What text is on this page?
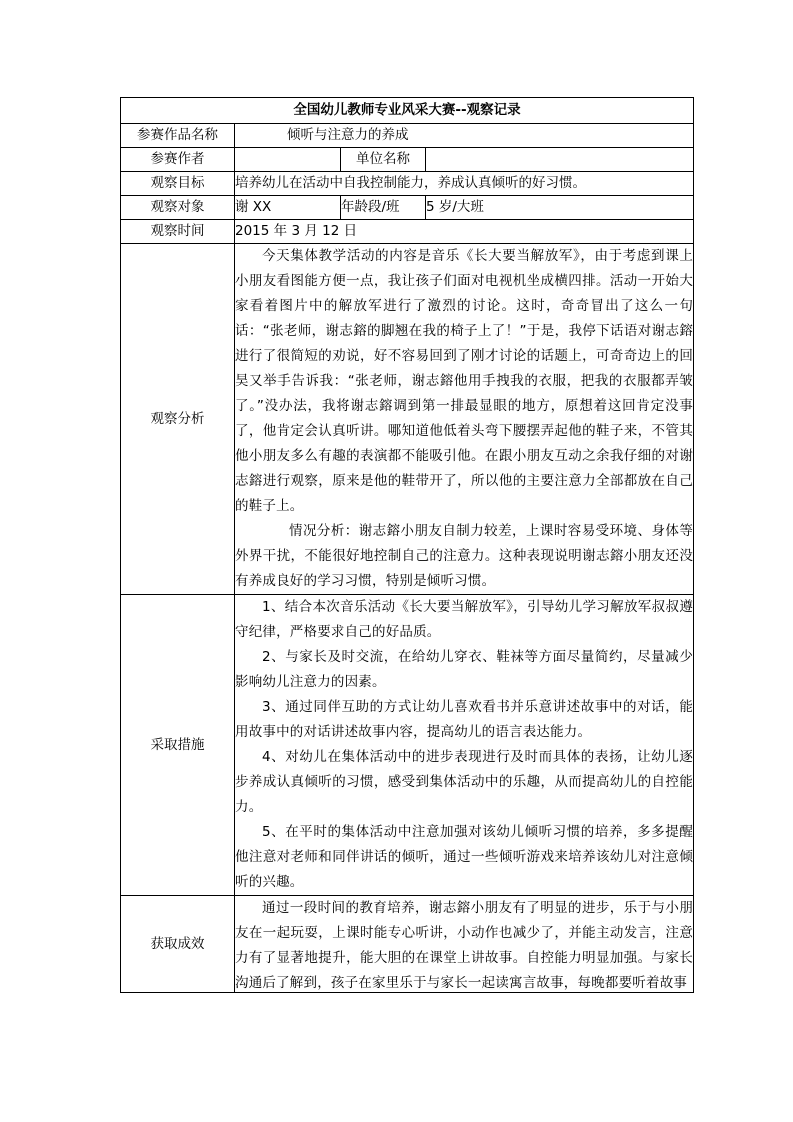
全国幼儿教师专业风采大赛--观察记录			
参赛作品名称	倾听与注意力的养成		
参赛作者		单位名称	
观察目标	培养幼儿在活动中自我控制能力，养成认真倾听的好习惯。		
观察对象	谢 XX	年龄段/班	5 岁/大班
观察时间	2015 年 3 月 12 日		
观察分析	今天集体教学活动的内容是音乐《长大要当解放军》，由于考虑到课上小朋友看图能方便一点，我让孩子们面对电视机坐成横四排。活动一开始大家看着图片中的解放军进行了激烈的讨论。这时，奇奇冒出了这么一句话：“张老师，谢志鎔的脚翘在我的椅子上了！”于是，我停下话语对谢志鎔进行了很简短的劝说，好不容易回到了刚才讨论的话题上，可奇奇边上的回昊又举手告诉我：“张老师，谢志鎔他用手拽我的衣服，把我的衣服都弄皱了。”没办法，我将谢志鎔调到第一排最显眼的地方，原想着这回肯定没事了，他肯定会认真听讲。哪知道他低着头弯下腰摆弄起他的鞋子来，不管其他小朋友多么有趣的表演都不能吸引他。在跟小朋友互动之余我仔细的对谢志鎔进行观察，原来是他的鞋带开了，所以他的主要注意力全部都放在自己的鞋子上。

情况分析：谢志鎔小朋友自制力较差，上课时容易受环境、身体等外界干扰，不能很好地控制自己的注意力。这种表现说明谢志鎔小朋友还没有养成良好的学习习惯，特别是倾听习惯。		

采取措施	1、结合本次音乐活动《长大要当解放军》，引导幼儿学习解放军叔叔遵守纪律，严格要求自己的好品质。

2、与家长及时交流，在给幼儿穿衣、鞋袜等方面尽量简约，尽量减少影响幼儿注意力的因素。

3、通过同伴互助的方式让幼儿喜欢看书并乐意讲述故事中的对话，能用故事中的对话讲述故事内容，提高幼儿的语言表达能力。

4、对幼儿在集体活动中的进步表现进行及时而具体的表扬，让幼儿逐步养成认真倾听的习惯，感受到集体活动中的乐趣，从而提高幼儿的自控能力。

5、在平时的集体活动中注意加强对该幼儿倾听习惯的培养，多多提醒他注意对老师和同伴讲话的倾听，通过一些倾听游戏来培养该幼儿对注意倾听的兴趣。		

获取成效	通过一段时间的教育培养，谢志鎔小朋友有了明显的进步，乐于与小朋友在一起玩耍，上课时能专心听讲，小动作也减少了，并能主动发言，注意力有了显著地提升，能大胆的在课堂上讲故事。自控能力明显加强。与家长沟通后了解到，孩子在家里乐于与家长一起读寓言故事，每晚都要听着故事		
